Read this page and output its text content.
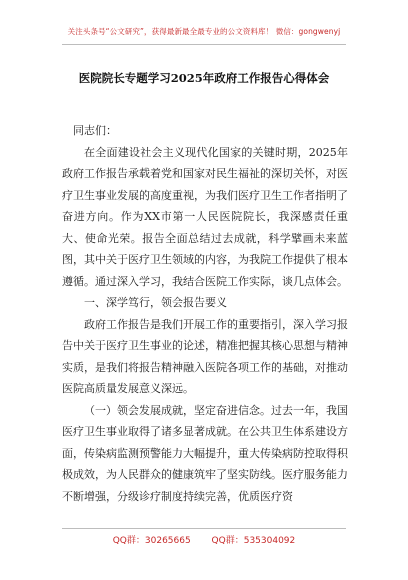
关注头条号“公文研究”，获得最新最全最专业的公文资料库！ 微信：gongwenyj
医院院长专题学习2025年政府工作报告心得体会

同志们：

在全面建设社会主义现代化国家的关键时期，2025年政府工作报告承载着党和国家对民生福祉的深切关怀，对医疗卫生事业发展的高度重视，为我们医疗卫生工作者指明了奋进方向。作为XX市第一人民医院院长，我深感责任重大、使命光荣。报告全面总结过去成就，科学擘画未来蓝图，其中关于医疗卫生领域的内容，为我院工作提供了根本遵循。通过深入学习，我结合医院工作实际，谈几点体会。

一、深学笃行，领会报告要义

政府工作报告是我们开展工作的重要指引，深入学习报告中关于医疗卫生事业的论述，精准把握其核心思想与精神实质，是我们将报告精神融入医院各项工作的基础，对推动医院高质量发展意义深远。

（一）领会发展成就，坚定奋进信念。过去一年，我国医疗卫生事业取得了诸多显著成就。在公共卫生体系建设方面，传染病监测预警能力大幅提升，重大传染病防控取得积极成效，为人民群众的健康筑牢了坚实防线。医疗服务能力不断增强，分级诊疗制度持续完善，优质医疗资

QQ群：30265665 QQ群：535304092
